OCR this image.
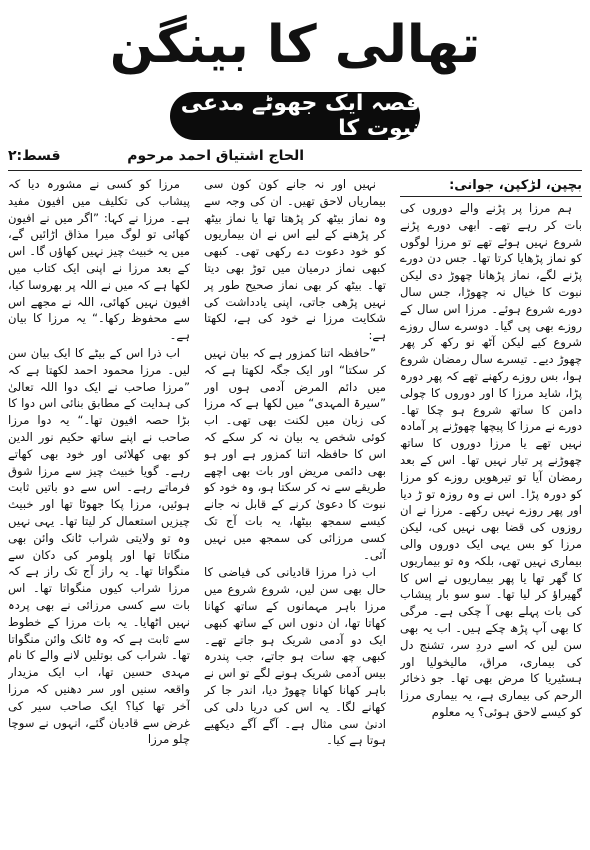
تھالی کا بینگن
قصہ ایک جھوٹے مدعی نبوت کا
الحاج اشتیاق احمد مرحوم
قسط:۲
بچپن، لڑکپن، جوانی:

ہم مرزا پر پڑنے والے دوروں کی بات کر رہے تھے۔ ابھی دورے پڑنے شروع نہیں ہوئے تھے تو مرزا لوگوں کو نماز پڑھایا کرتا تھا۔ جس دن دورے پڑنے لگے، نماز پڑھانا چھوڑ دی لیکن نبوت کا خیال نہ چھوڑا، جس سال دورے شروع ہوئے۔ مرزا اس سال کے روزے بھی پی گیا۔ دوسرے سال روزے شروع کیے لیکن آٹھ نو رکھ کر پھر چھوڑ دیے۔ تیسرے سال رمضان شروع ہوا، بس روزے رکھنے تھے کہ پھر دورہ پڑا، شاید مرزا کا اور دوروں کا چولی دامن کا ساتھ شروع ہو چکا تھا۔ دورے نے مرزا کا پیچھا چھوڑنے پر آمادہ نہیں تھے یا مرزا دوروں کا ساتھ چھوڑنے پر تیار نہیں تھا۔ اس کے بعد رمضان آیا تو تیرھویں روزے کو مرزا کو دورہ پڑا۔ اس نے وہ روزہ تو ڑ دیا اور پھر روزے نہیں رکھے۔ مرزا نے ان روزوں کی قضا بھی نہیں کی، لیکن مرزا کو بس یہی ایک دوروں والی بیماری نہیں تھی، بلکہ وہ تو بیماریوں کا گھر تھا یا پھر بیماریوں نے اس کا گھیراؤ کر لیا تھا۔ سو سو بار پیشاب کی بات پہلے بھی آ چکی ہے۔ مرگی کا بھی آپ پڑھ چکے ہیں۔ اب یہ بھی سن لیں کہ اسے دردِ سر، تشنج دل کی بیماری، مراق، مالیخولیا اور ہسٹیریا کا مرض بھی تھا۔ جو ذخائر الرحم کی بیماری ہے، یہ بیماری مرزا کو کیسے لاحق ہوئی؟ یہ معلوم

نہیں اور نہ جانے کون کون سی بیماریاں لاحق تھیں۔ ان کی وجہ سے وہ نماز بیٹھ کر پڑھتا تھا یا نماز بیٹھ کر پڑھنے کے لیے اس نے ان بیماریوں کو خود دعوت دے رکھی تھی۔ کبھی کبھی نماز درمیان میں توڑ بھی دیتا تھا۔ بیٹھ کر بھی نماز صحیح طور پر نہیں پڑھی جاتی، اپنی یادداشت کی شکایت مرزا نے خود کی ہے، لکھتا ہے:

”حافظہ اتنا کمزور ہے کہ بیان نہیں کر سکتا“ اور ایک جگہ لکھتا ہے کہ میں دائم المرض آدمی ہوں اور ”سیرۃ المہدی“ میں لکھا ہے کہ مرزا کی زبان میں لکنت بھی تھی۔ اب کوئی شخص یہ بیان نہ کر سکے کہ اس کا حافظہ اتنا کمزور ہے اور ہو بھی دائمی مریض اور بات بھی اچھے طریقے سے نہ کر سکتا ہو، وہ خود کو نبوت کا دعویٰ کرنے کے قابل نہ جانے کیسے سمجھ بیٹھا، یہ بات آج تک کسی مرزائی کی سمجھ میں نہیں آئی۔

اب ذرا مرزا قادیانی کی فیاضی کا حال بھی سن لیں، شروع شروع میں مرزا باہر مہمانوں کے ساتھ کھانا کھاتا تھا، ان دنوں اس کے ساتھ کبھی ایک دو آدمی شریک ہو جاتے تھے۔ کبھی چھ سات ہو جاتے، جب پندرہ بیس آدمی شریک ہونے لگے تو اس نے باہر کھانا کھانا چھوڑ دیا، اندر جا کر کھانے لگا۔ یہ اس کی دریا دلی کی ادنیٰ سی مثال ہے۔ آگے آگے دیکھیے ہوتا ہے کیا۔

مرزا کو کسی نے مشورہ دیا کہ پیشاب کی تکلیف میں افیون مفید ہے۔ مرزا نے کہا: ”اگر میں نے افیون کھائی تو لوگ میرا مذاق اڑائیں گے، میں یہ خبیث چیز نہیں کھاؤں گا۔ اس کے بعد مرزا نے اپنی ایک کتاب میں لکھا ہے کہ میں نے اللہ پر بھروسا کیا، افیون نہیں کھائی، اللہ نے مجھے اس سے محفوظ رکھا۔“ یہ مرزا کا بیان ہے۔

اب ذرا اس کے بیٹے کا ایک بیان سن لیں۔ مرزا محمود احمد لکھتا ہے کہ ”مرزا صاحب نے ایک دوا اللہ تعالیٰ کی ہدایت کے مطابق بنائی اس دوا کا بڑا حصہ افیون تھا۔“ یہ دوا مرزا صاحب نے اپنے ساتھ حکیم نور الدین کو بھی کھلائی اور خود بھی کھاتے رہے۔ گویا خبیث چیز سے مرزا شوق فرماتے رہے۔ اس سے دو باتیں ثابت ہوئیں، مرزا پکا جھوٹا تھا اور خبیث چیزیں استعمال کر لیتا تھا۔ یہی نہیں وہ تو ولایتی شراب ٹانک وائن بھی منگاتا تھا اور پلومر کی دکان سے منگواتا تھا۔ یہ راز آج تک راز ہے کہ مرزا شراب کیوں منگواتا تھا۔ اس بات سے کسی مرزائی نے بھی پردہ نہیں اٹھایا۔ یہ بات مرزا کے خطوط سے ثابت ہے کہ وہ ٹانک وائن منگواتا تھا۔ شراب کی بوتلیں لانے والے کا نام مہدی حسین تھا، اب ایک مزیدار واقعہ سنیں اور سر دھنیں کہ مرزا آخر تھا کیا؟ ایک صاحب سیر کی غرض سے قادیان گئے، انہوں نے سوچا چلو مرزا
